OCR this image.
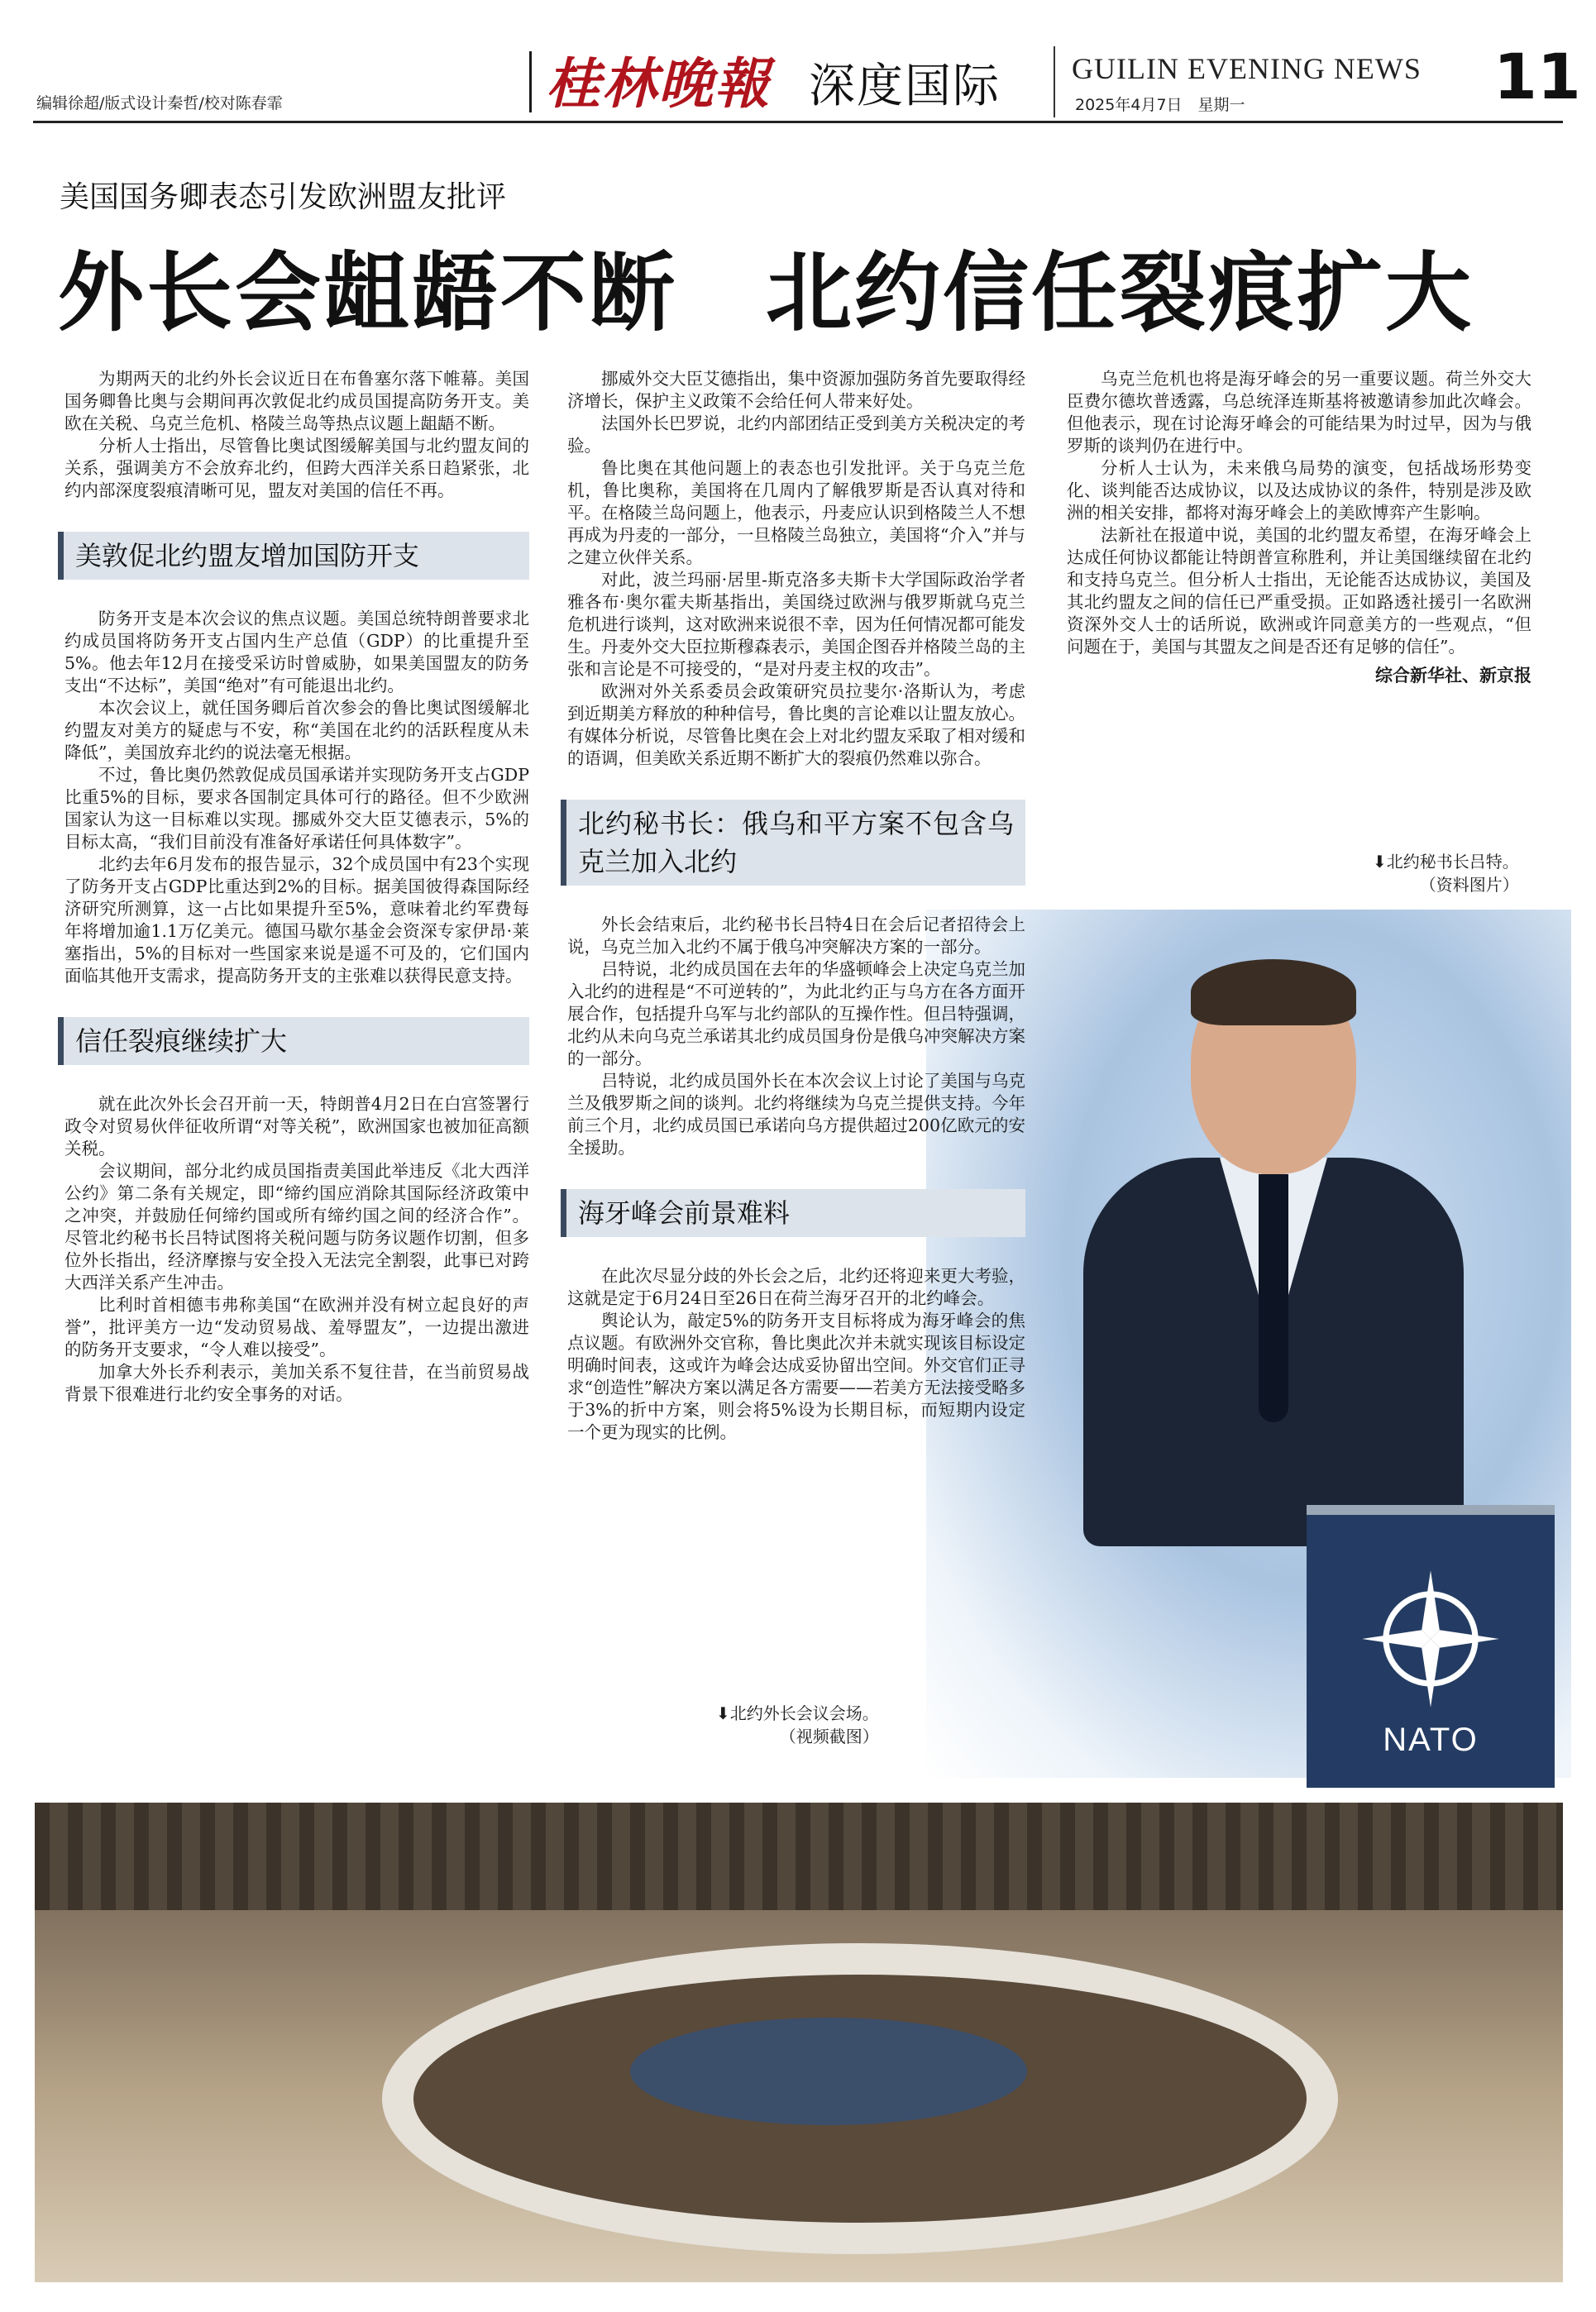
编辑徐超/版式设计秦哲/校对陈春霏	桂林晚報 深度国际 GUILIN EVENING NEWS
2025年4月7日　星期一	11
美国国务卿表态引发欧洲盟友批评
外长会龃龉不断　北约信任裂痕扩大
NATO
⬇北约秘书长吕特。
（资料图片）
⬇北约外长会议会场。
（视频截图）

为期两天的北约外长会议近日在布鲁塞尔落下帷幕。美国国务卿鲁比奥与会期间再次敦促北约成员国提高防务开支。美欧在关税、乌克兰危机、格陵兰岛等热点议题上龃龉不断。

分析人士指出，尽管鲁比奥试图缓解美国与北约盟友间的关系，强调美方不会放弃北约，但跨大西洋关系日趋紧张，北约内部深度裂痕清晰可见，盟友对美国的信任不再。

美敦促北约盟友增加国防开支

防务开支是本次会议的焦点议题。美国总统特朗普要求北约成员国将防务开支占国内生产总值（GDP）的比重提升至5%。他去年12月在接受采访时曾威胁，如果美国盟友的防务支出“不达标”，美国“绝对”有可能退出北约。

本次会议上，就任国务卿后首次参会的鲁比奥试图缓解北约盟友对美方的疑虑与不安，称“美国在北约的活跃程度从未降低”，美国放弃北约的说法毫无根据。

不过，鲁比奥仍然敦促成员国承诺并实现防务开支占GDP比重5%的目标，要求各国制定具体可行的路径。但不少欧洲国家认为这一目标难以实现。挪威外交大臣艾德表示，5%的目标太高，“我们目前没有准备好承诺任何具体数字”。

北约去年6月发布的报告显示，32个成员国中有23个实现了防务开支占GDP比重达到2%的目标。据美国彼得森国际经济研究所测算，这一占比如果提升至5%，意味着北约军费每年将增加逾1.1万亿美元。德国马歇尔基金会资深专家伊昂·莱塞指出，5%的目标对一些国家来说是遥不可及的，它们国内面临其他开支需求，提高防务开支的主张难以获得民意支持。

信任裂痕继续扩大

就在此次外长会召开前一天，特朗普4月2日在白宫签署行政令对贸易伙伴征收所谓“对等关税”，欧洲国家也被加征高额关税。

会议期间，部分北约成员国指责美国此举违反《北大西洋公约》第二条有关规定，即“缔约国应消除其国际经济政策中之冲突，并鼓励任何缔约国或所有缔约国之间的经济合作”。尽管北约秘书长吕特试图将关税问题与防务议题作切割，但多位外长指出，经济摩擦与安全投入无法完全割裂，此事已对跨大西洋关系产生冲击。

比利时首相德韦弗称美国“在欧洲并没有树立起良好的声誉”，批评美方一边“发动贸易战、羞辱盟友”，一边提出激进的防务开支要求，“令人难以接受”。

加拿大外长乔利表示，美加关系不复往昔，在当前贸易战背景下很难进行北约安全事务的对话。

挪威外交大臣艾德指出，集中资源加强防务首先要取得经济增长，保护主义政策不会给任何人带来好处。

法国外长巴罗说，北约内部团结正受到美方关税决定的考验。

鲁比奥在其他问题上的表态也引发批评。关于乌克兰危机，鲁比奥称，美国将在几周内了解俄罗斯是否认真对待和平。在格陵兰岛问题上，他表示，丹麦应认识到格陵兰人不想再成为丹麦的一部分，一旦格陵兰岛独立，美国将“介入”并与之建立伙伴关系。

对此，波兰玛丽·居里-斯克洛多夫斯卡大学国际政治学者雅各布·奥尔霍夫斯基指出，美国绕过欧洲与俄罗斯就乌克兰危机进行谈判，这对欧洲来说很不幸，因为任何情况都可能发生。丹麦外交大臣拉斯穆森表示，美国企图吞并格陵兰岛的主张和言论是不可接受的，“是对丹麦主权的攻击”。

欧洲对外关系委员会政策研究员拉斐尔·洛斯认为，考虑到近期美方释放的种种信号，鲁比奥的言论难以让盟友放心。有媒体分析说，尽管鲁比奥在会上对北约盟友采取了相对缓和的语调，但美欧关系近期不断扩大的裂痕仍然难以弥合。

北约秘书长：俄乌和平方案不包含乌克兰加入北约

外长会结束后，北约秘书长吕特4日在会后记者招待会上说，乌克兰加入北约不属于俄乌冲突解决方案的一部分。

吕特说，北约成员国在去年的华盛顿峰会上决定乌克兰加入北约的进程是“不可逆转的”，为此北约正与乌方在各方面开展合作，包括提升乌军与北约部队的互操作性。但吕特强调，北约从未向乌克兰承诺其北约成员国身份是俄乌冲突解决方案的一部分。

吕特说，北约成员国外长在本次会议上讨论了美国与乌克兰及俄罗斯之间的谈判。北约将继续为乌克兰提供支持。今年前三个月，北约成员国已承诺向乌方提供超过200亿欧元的安全援助。

海牙峰会前景难料

在此次尽显分歧的外长会之后，北约还将迎来更大考验，这就是定于6月24日至26日在荷兰海牙召开的北约峰会。

舆论认为，敲定5%的防务开支目标将成为海牙峰会的焦点议题。有欧洲外交官称，鲁比奥此次并未就实现该目标设定明确时间表，这或许为峰会达成妥协留出空间。外交官们正寻求“创造性”解决方案以满足各方需要——若美方无法接受略多于3%的折中方案，则会将5%设为长期目标，而短期内设定一个更为现实的比例。

乌克兰危机也将是海牙峰会的另一重要议题。荷兰外交大臣费尔德坎普透露，乌总统泽连斯基将被邀请参加此次峰会。但他表示，现在讨论海牙峰会的可能结果为时过早，因为与俄罗斯的谈判仍在进行中。

分析人士认为，未来俄乌局势的演变，包括战场形势变化、谈判能否达成协议，以及达成协议的条件，特别是涉及欧洲的相关安排，都将对海牙峰会上的美欧博弈产生影响。

法新社在报道中说，美国的北约盟友希望，在海牙峰会上达成任何协议都能让特朗普宣称胜利，并让美国继续留在北约和支持乌克兰。但分析人士指出，无论能否达成协议，美国及其北约盟友之间的信任已严重受损。正如路透社援引一名欧洲资深外交人士的话所说，欧洲或许同意美方的一些观点，“但问题在于，美国与其盟友之间是否还有足够的信任”。

综合新华社、新京报
